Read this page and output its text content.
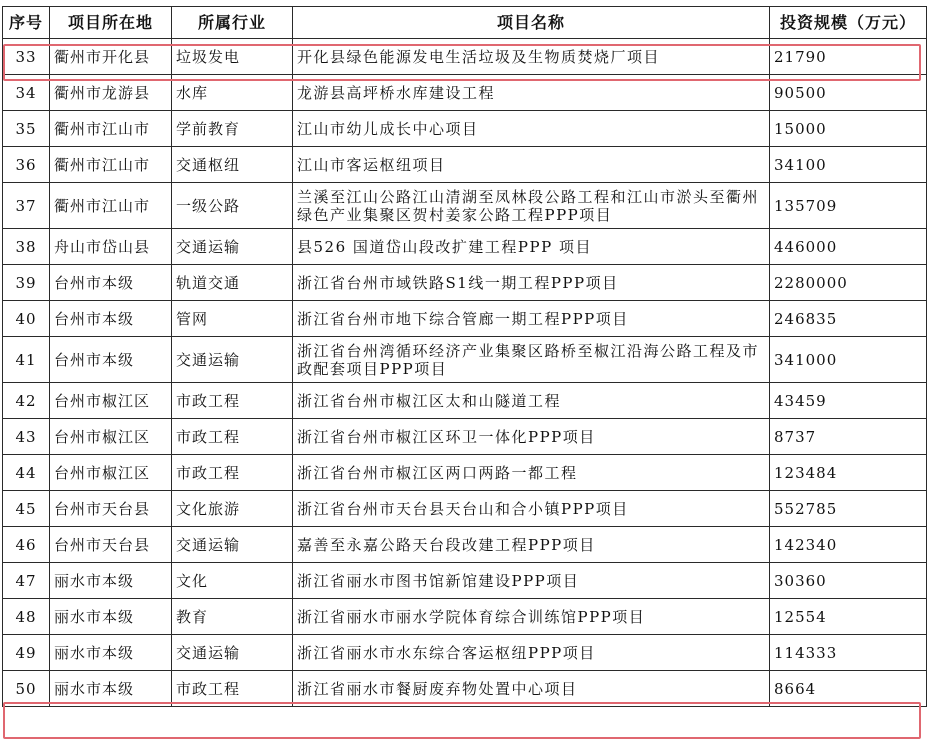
序号	项目所在地	所属行业	项目名称	投资规模（万元）
33	衢州市开化县	垃圾发电	开化县绿色能源发电生活垃圾及生物质焚烧厂项目	21790
34	衢州市龙游县	水库	龙游县高坪桥水库建设工程	90500
35	衢州市江山市	学前教育	江山市幼儿成长中心项目	15000
36	衢州市江山市	交通枢纽	江山市客运枢纽项目	34100
37	衢州市江山市	一级公路	兰溪至江山公路江山清湖至凤林段公路工程和江山市淤头至衢州绿色产业集聚区贺村姜家公路工程PPP项目	135709
38	舟山市岱山县	交通运输	县526 国道岱山段改扩建工程PPP 项目	446000
39	台州市本级	轨道交通	浙江省台州市域铁路S1线一期工程PPP项目	2280000
40	台州市本级	管网	浙江省台州市地下综合管廊一期工程PPP项目	246835
41	台州市本级	交通运输	浙江省台州湾循环经济产业集聚区路桥至椒江沿海公路工程及市政配套项目PPP项目	341000
42	台州市椒江区	市政工程	浙江省台州市椒江区太和山隧道工程	43459
43	台州市椒江区	市政工程	浙江省台州市椒江区环卫一体化PPP项目	8737
44	台州市椒江区	市政工程	浙江省台州市椒江区两口两路一都工程	123484
45	台州市天台县	文化旅游	浙江省台州市天台县天台山和合小镇PPP项目	552785
46	台州市天台县	交通运输	嘉善至永嘉公路天台段改建工程PPP项目	142340
47	丽水市本级	文化	浙江省丽水市图书馆新馆建设PPP项目	30360
48	丽水市本级	教育	浙江省丽水市丽水学院体育综合训练馆PPP项目	12554
49	丽水市本级	交通运输	浙江省丽水市水东综合客运枢纽PPP项目	114333
50	丽水市本级	市政工程	浙江省丽水市餐厨废弃物处置中心项目	8664
